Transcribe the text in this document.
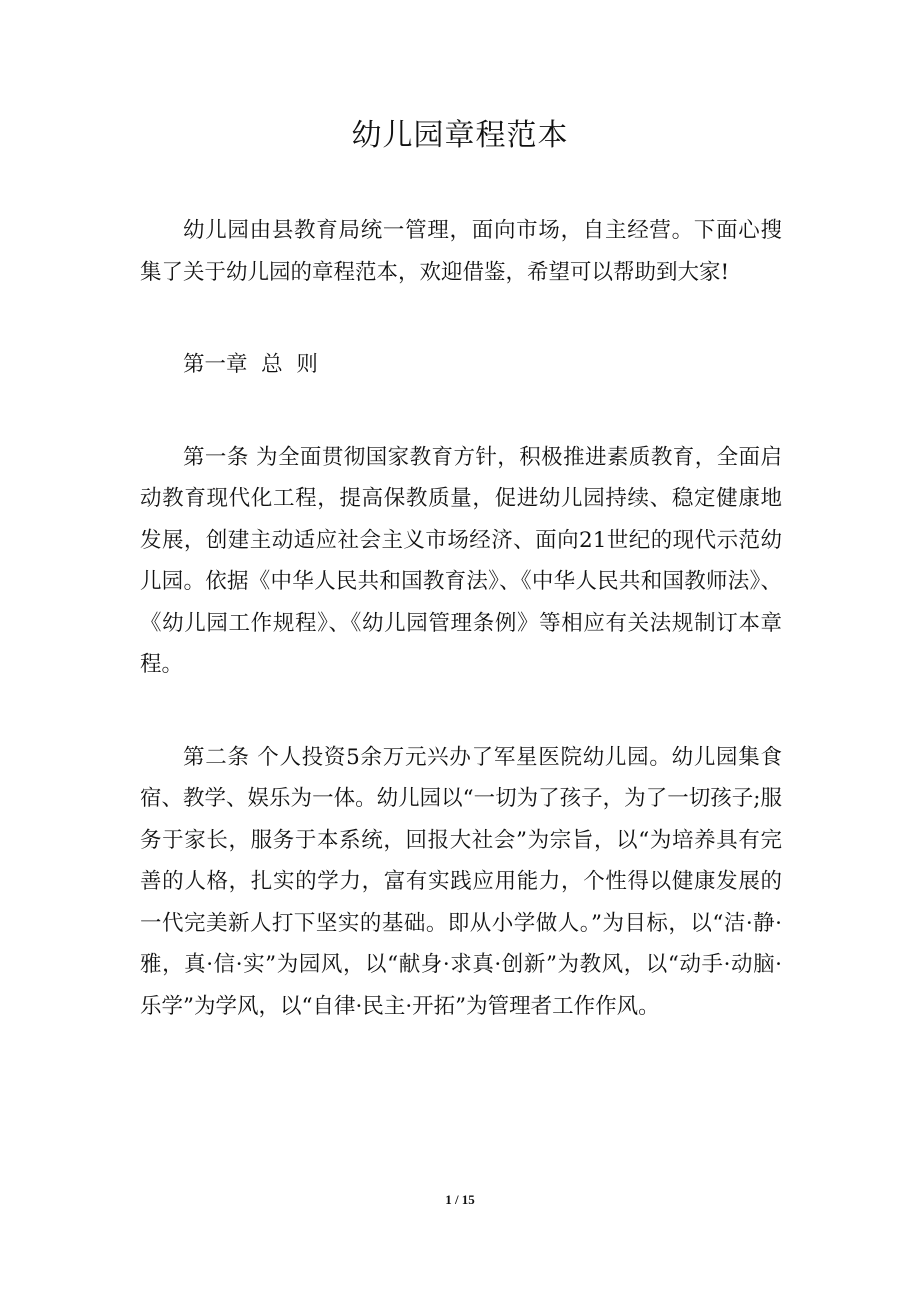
幼儿园章程范本

幼儿园由县教育局统一管理，面向市场，自主经营。下面心搜集了关于幼儿园的章程范本，欢迎借鉴，希望可以帮助到大家!

第一章  总  则

第一条 为全面贯彻国家教育方针，积极推进素质教育，全面启动教育现代化工程，提高保教质量，促进幼儿园持续、稳定健康地发展，创建主动适应社会主义市场经济、面向21世纪的现代示范幼儿园。依据《中华人民共和国教育法》、《中华人民共和国教师法》、《幼儿园工作规程》、《幼儿园管理条例》等相应有关法规制订本章程。

第二条 个人投资5余万元兴办了军星医院幼儿园。幼儿园集食宿、教学、娱乐为一体。幼儿园以“一切为了孩子，为了一切孩子;服务于家长，服务于本系统，回报大社会”为宗旨，以“为培养具有完善的人格，扎实的学力，富有实践应用能力，个性得以健康发展的一代完美新人打下坚实的基础。即从小学做人。”为目标，以“洁·静·雅，真·信·实”为园风，以“献身·求真·创新”为教风，以“动手·动脑·乐学”为学风，以“自律·民主·开拓”为管理者工作作风。

1 / 15
